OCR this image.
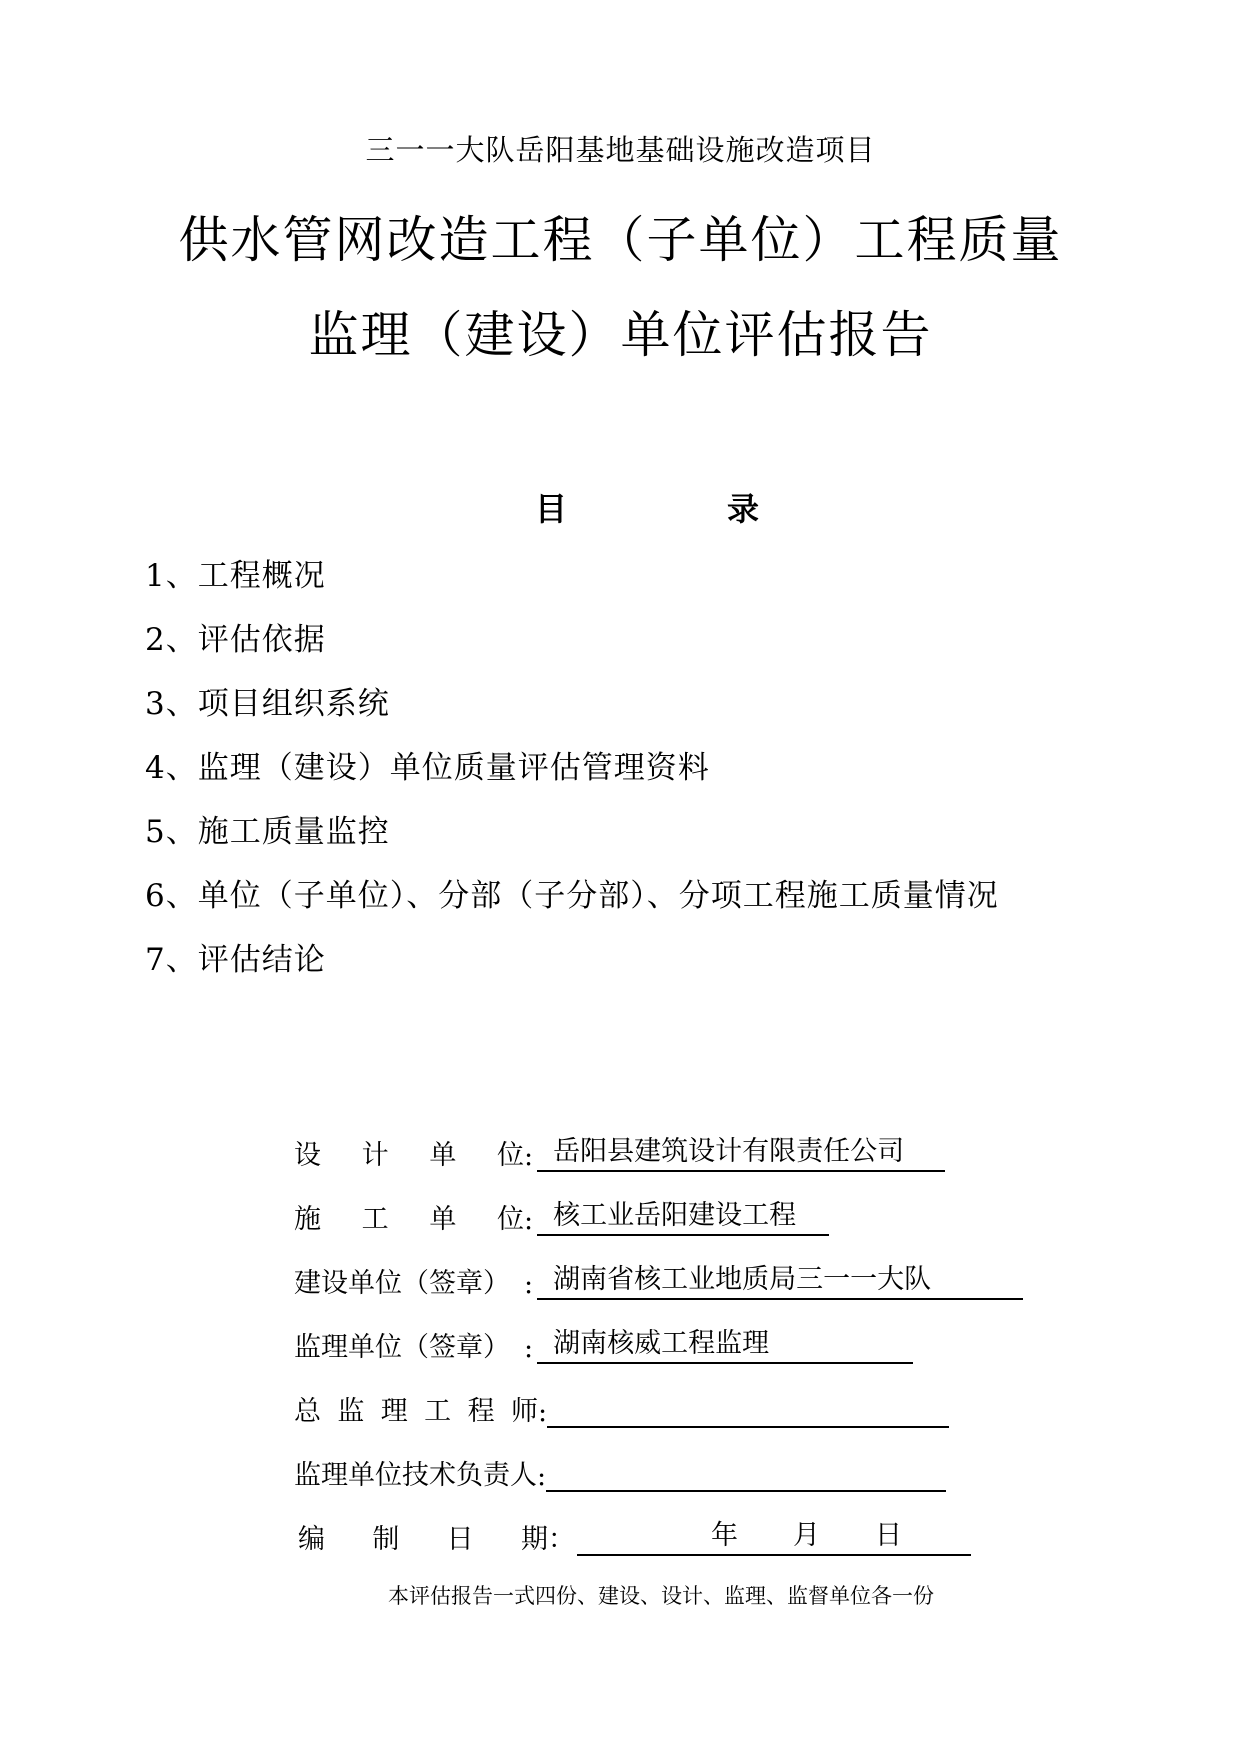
三一一大队岳阳基地基础设施改造项目
供水管网改造工程（子单位）工程质量
监理（建设）单位评估报告
目	录
1、工程概况
2、评估依据
3、项目组织系统
4、监理（建设）单位质量评估管理资料
5、施工质量监控
6、单位（子单位）、分部（子分部）、分项工程施工质量情况
7、评估结论
设 计 单 位 : 岳阳县建筑设计有限责任公司
施 工 单 位 : 核工业岳阳建设工程
建设单位（签章） : 湖南省核工业地质局三一一大队
监理单位（签章） : 湖南核威工程监理
总 监 理 工 程 师 :
监理单位技术负责人 :
编 制 日 期 ：	年 月 日
本评估报告一式四份、建设、设计、监理、监督单位各一份
